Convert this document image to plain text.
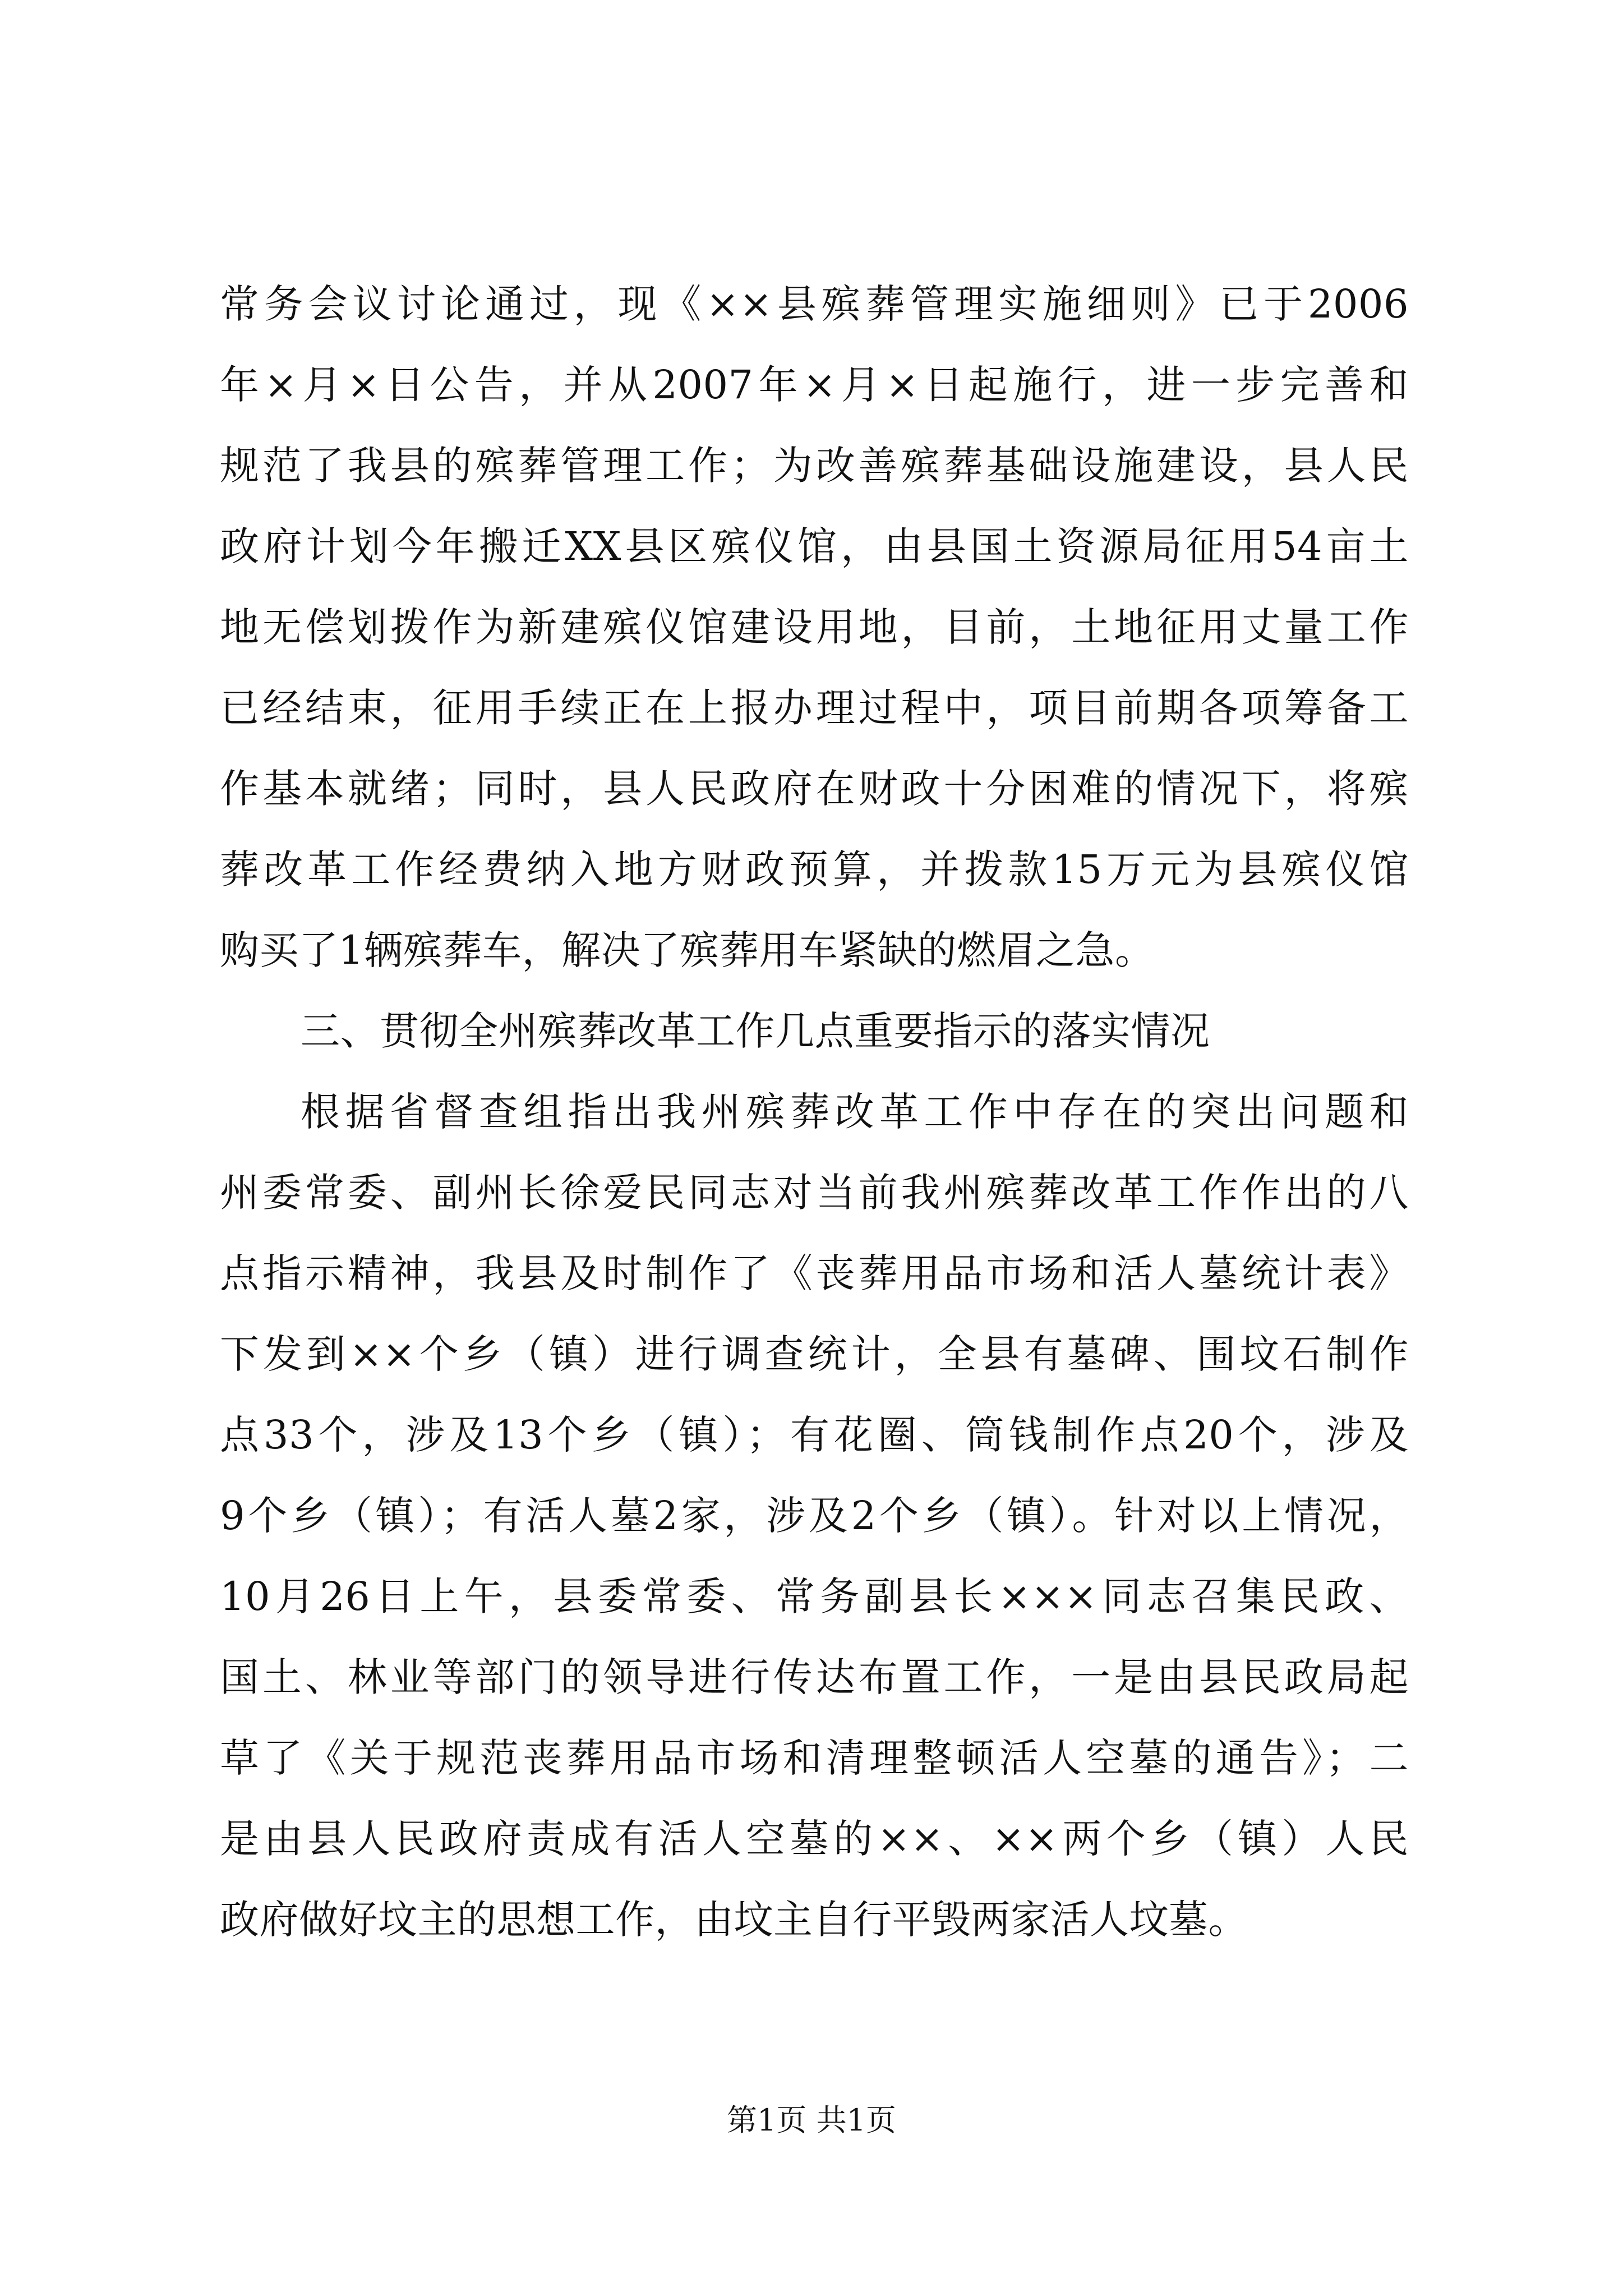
常务会议讨论通过，现《××县殡葬管理实施细则》已于2006
年×月×日公告，并从2007年×月×日起施行，进一步完善和
规范了我县的殡葬管理工作；为改善殡葬基础设施建设，县人民
政府计划今年搬迁XX县区殡仪馆，由县国土资源局征用54亩土
地无偿划拨作为新建殡仪馆建设用地，目前，土地征用丈量工作
已经结束，征用手续正在上报办理过程中，项目前期各项筹备工
作基本就绪；同时，县人民政府在财政十分困难的情况下，将殡
葬改革工作经费纳入地方财政预算，并拨款15万元为县殡仪馆
购买了1辆殡葬车，解决了殡葬用车紧缺的燃眉之急。
三、贯彻全州殡葬改革工作几点重要指示的落实情况
根据省督查组指出我州殡葬改革工作中存在的突出问题和
州委常委、副州长徐爱民同志对当前我州殡葬改革工作作出的八
点指示精神，我县及时制作了《丧葬用品市场和活人墓统计表》
下发到××个乡（镇）进行调查统计，全县有墓碑、围坟石制作
点33个，涉及13个乡（镇）；有花圈、筒钱制作点20个，涉及
9个乡（镇）；有活人墓2家，涉及2个乡（镇）。针对以上情况，
10月26日上午，县委常委、常务副县长×××同志召集民政、
国土、林业等部门的领导进行传达布置工作，一是由县民政局起
草了《关于规范丧葬用品市场和清理整顿活人空墓的通告》；二
是由县人民政府责成有活人空墓的××、××两个乡（镇）人民
政府做好坟主的思想工作，由坟主自行平毁两家活人坟墓。
第1页 共1页
